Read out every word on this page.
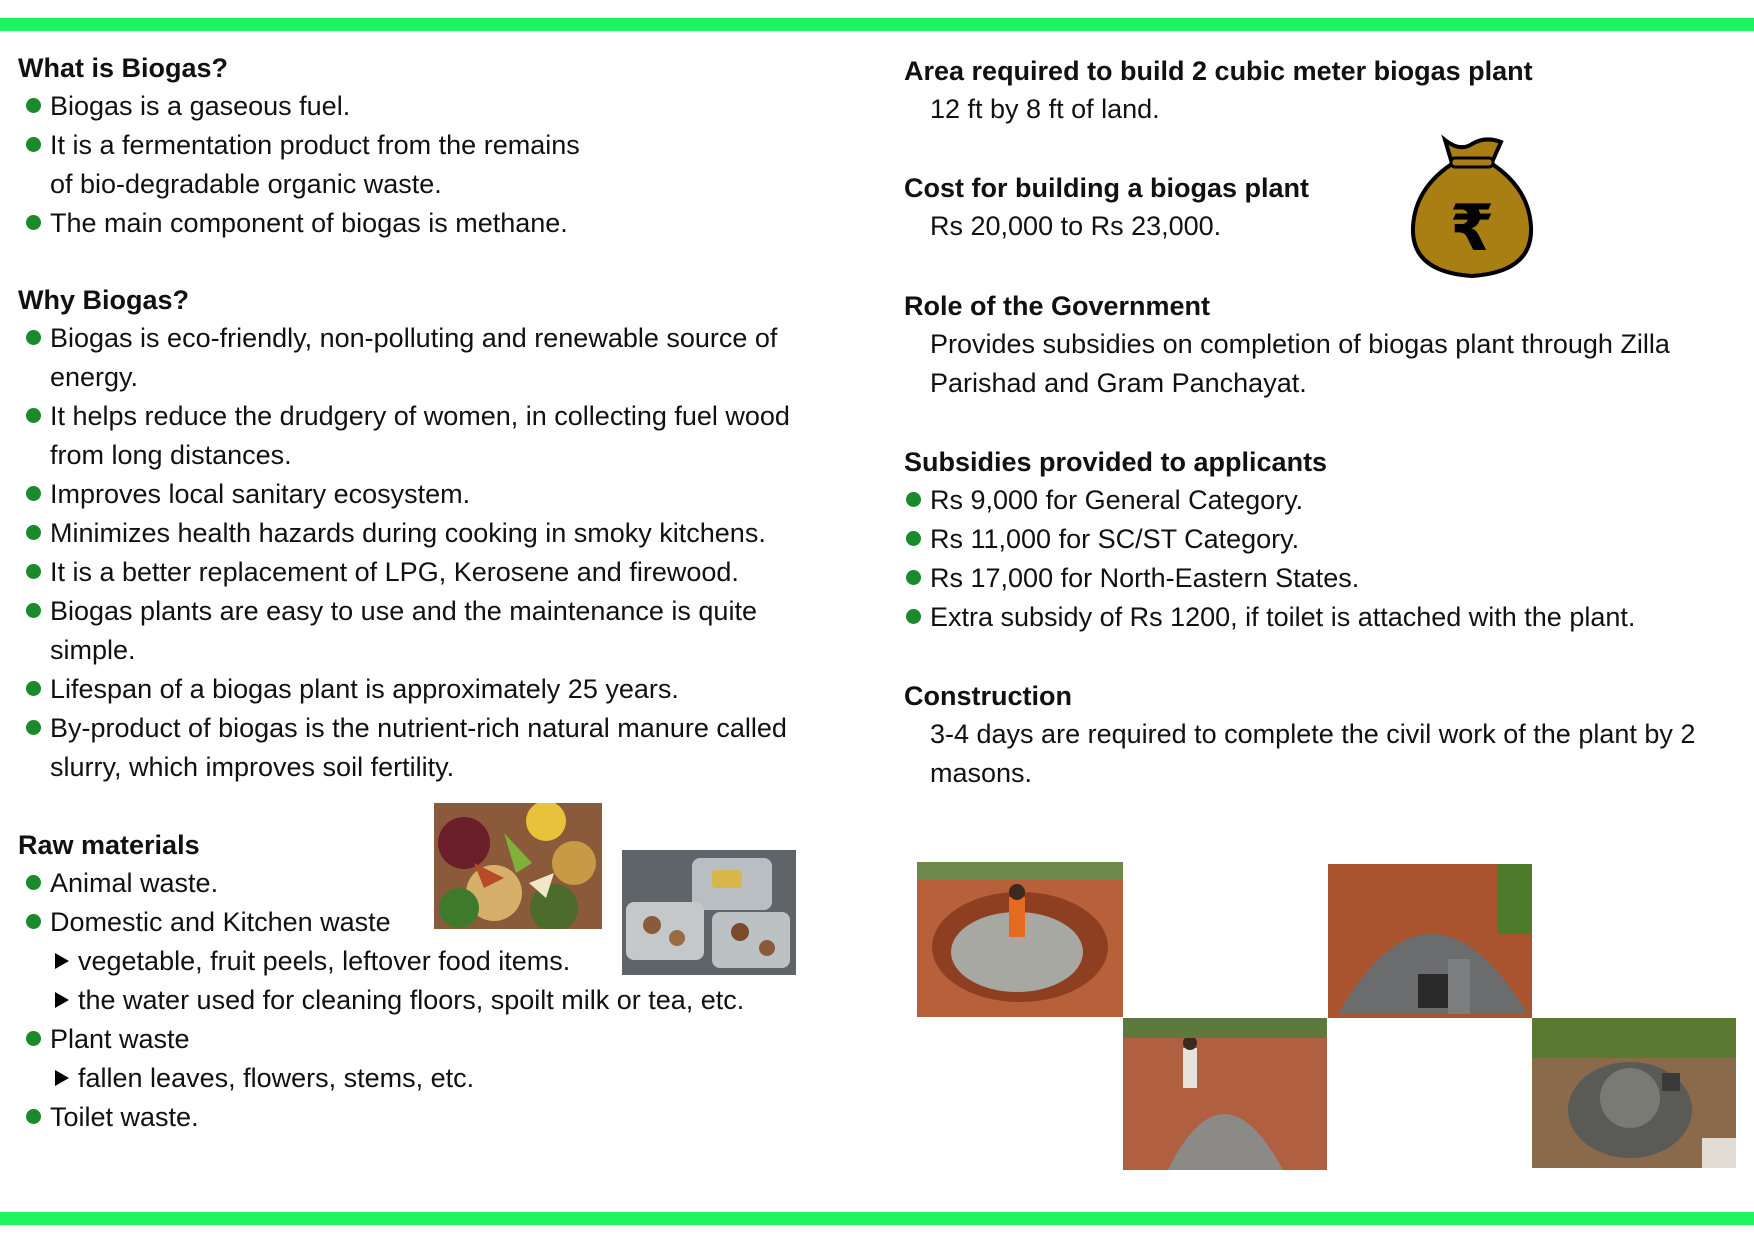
What is Biogas?

Biogas is a gaseous fuel.
It is a fermentation product from the remains of bio-degradable organic waste.
The main component of biogas is methane.

Why Biogas?

Biogas is eco-friendly, non-polluting and renewable source of energy.
It helps reduce the drudgery of women, in collecting fuel wood from long distances.
Improves local sanitary ecosystem.
Minimizes health hazards during cooking in smoky kitchens.
It is a better replacement of LPG, Kerosene and firewood.
Biogas plants are easy to use and the maintenance is quite simple.
Lifespan of a biogas plant is approximately 25 years.
By-product of biogas is the nutrient-rich natural manure called slurry, which improves soil fertility.

Raw materials

Animal waste.
Domestic and Kitchen waste
vegetable, fruit peels, leftover food items.
the water used for cleaning floors, spoilt milk or tea, etc.
Plant waste
fallen leaves, flowers, stems, etc.
Toilet waste.

Area required to build 2 cubic meter biogas plant

12 ft by 8 ft of land.

Cost for building a biogas plant

Rs 20,000 to Rs 23,000.

Role of the Government

Provides subsidies on completion of biogas plant through Zilla Parishad and Gram Panchayat.

Subsidies provided to applicants

Rs 9,000 for General Category.
Rs 11,000 for SC/ST Category.
Rs 17,000 for North-Eastern States.
Extra subsidy of Rs 1200, if toilet is attached with the plant.

Construction

3-4 days are required to complete the civil work of the plant by 2 masons.

₹
